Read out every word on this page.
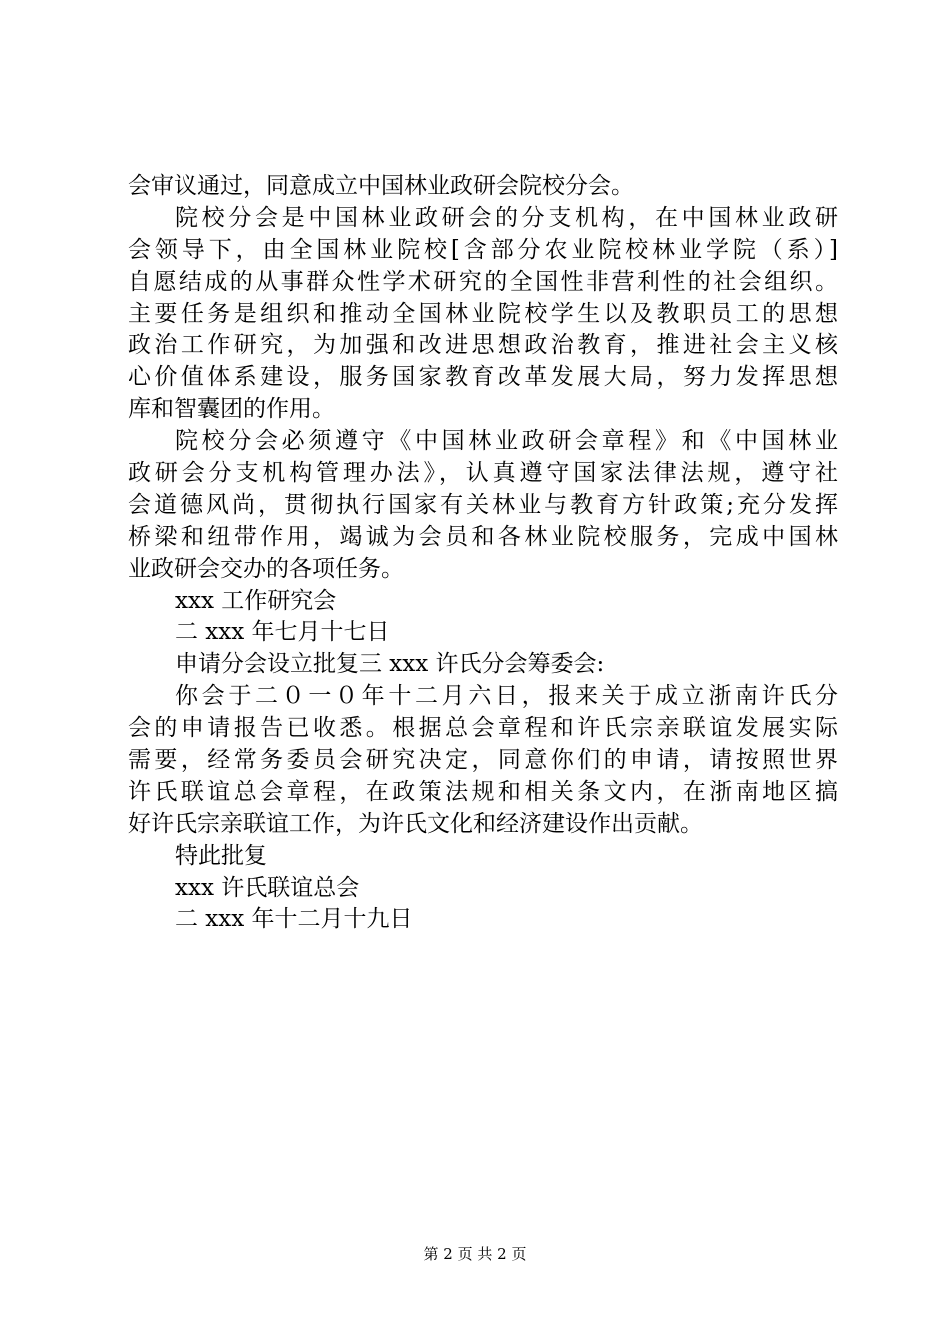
会审议通过，同意成立中国林业政研会院校分会。
院校分会是中国林业政研会的分支机构，在中国林业政研
会领导下，由全国林业院校[含部分农业院校林业学院（系）]
自愿结成的从事群众性学术研究的全国性非营利性的社会组织。
主要任务是组织和推动全国林业院校学生以及教职员工的思想
政治工作研究，为加强和改进思想政治教育，推进社会主义核
心价值体系建设，服务国家教育改革发展大局，努力发挥思想
库和智囊团的作用。
院校分会必须遵守《中国林业政研会章程》和《中国林业
政研会分支机构管理办法》，认真遵守国家法律法规，遵守社
会道德风尚，贯彻执行国家有关林业与教育方针政策;充分发挥
桥梁和纽带作用，竭诚为会员和各林业院校服务，完成中国林
业政研会交办的各项任务。
xxx 工作研究会
二 xxx 年七月十七日
申请分会设立批复三 xxx 许氏分会筹委会:
你会于二０一０年十二月六日，报来关于成立浙南许氏分
会的申请报告已收悉。根据总会章程和许氏宗亲联谊发展实际
需要，经常务委员会研究决定，同意你们的申请，请按照世界
许氏联谊总会章程，在政策法规和相关条文内，在浙南地区搞
好许氏宗亲联谊工作，为许氏文化和经济建设作出贡献。
特此批复
xxx 许氏联谊总会
二 xxx 年十二月十九日
第 2 页 共 2 页
